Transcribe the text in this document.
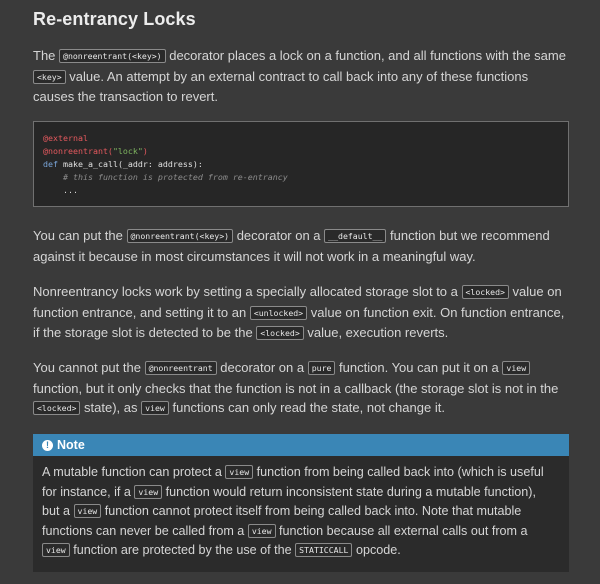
Re-entrancy Locks

The @nonreentrant(<key>) decorator places a lock on a function, and all functions with the same <key> value. An attempt by an external contract to call back into any of these functions causes the transaction to revert.

@external
@nonreentrant("lock")
def make_a_call(_addr: address):
# this function is protected from re-entrancy
...

You can put the @nonreentrant(<key>) decorator on a __default__ function but we recommend against it because in most circumstances it will not work in a meaningful way.

Nonreentrancy locks work by setting a specially allocated storage slot to a <locked> value on function entrance, and setting it to an <unlocked> value on function exit. On function entrance, if the storage slot is detected to be the <locked> value, execution reverts.

You cannot put the @nonreentrant decorator on a pure function. You can put it on a view function, but it only checks that the function is not in a callback (the storage slot is not in the <locked> state), as view functions can only read the state, not change it.

! Note

A mutable function can protect a view function from being called back into (which is useful for instance, if a view function would return inconsistent state during a mutable function), but a view function cannot protect itself from being called back into. Note that mutable functions can never be called from a view function because all external calls out from a view function are protected by the use of the STATICCALL opcode.
